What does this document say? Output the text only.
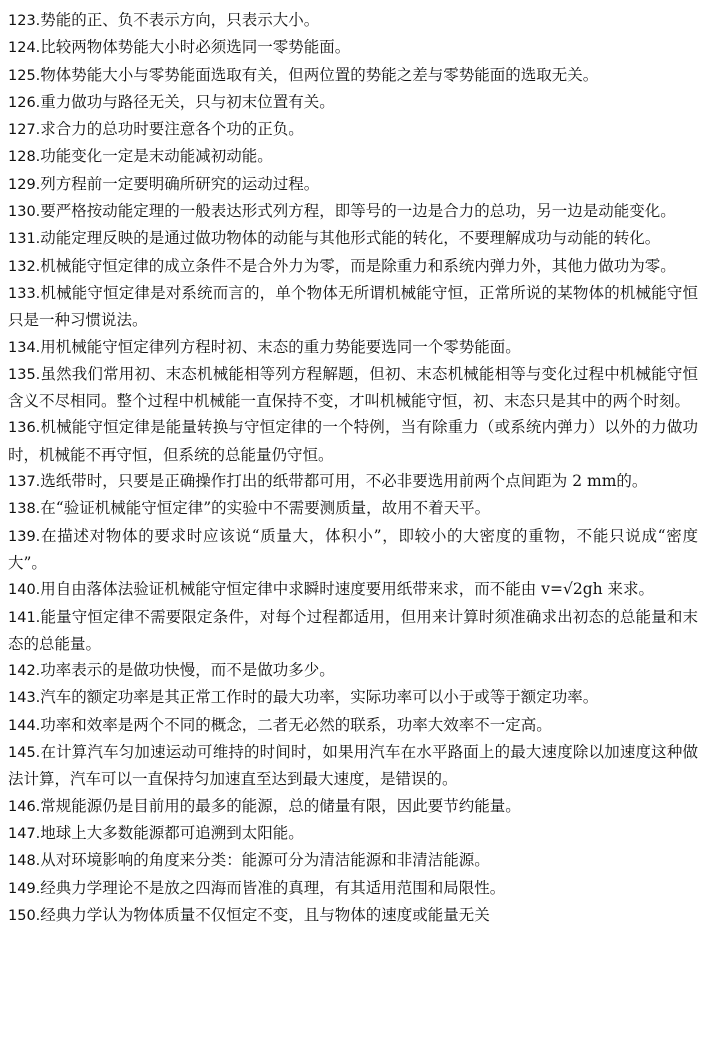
123.势能的正、负不表示方向，只表示大小。

124.比较两物体势能大小时必须选同一零势能面。

125.物体势能大小与零势能面选取有关，但两位置的势能之差与零势能面的选取无关。

126.重力做功与路径无关，只与初末位置有关。

127.求合力的总功时要注意各个功的正负。

128.功能变化一定是末动能减初动能。

129.列方程前一定要明确所研究的运动过程。

130.要严格按动能定理的一般表达形式列方程，即等号的一边是合力的总功，另一边是动能变化。

131.动能定理反映的是通过做功物体的动能与其他形式能的转化，不要理解成功与动能的转化。

132.机械能守恒定律的成立条件不是合外力为零，而是除重力和系统内弹力外，其他力做功为零。

133.机械能守恒定律是对系统而言的，单个物体无所谓机械能守恒，正常所说的某物体的机械能守恒只是一种习惯说法。

134.用机械能守恒定律列方程时初、末态的重力势能要选同一个零势能面。

135.虽然我们常用初、末态机械能相等列方程解题，但初、末态机械能相等与变化过程中机械能守恒含义不尽相同。整个过程中机械能一直保持不变，才叫机械能守恒，初、末态只是其中的两个时刻。

136.机械能守恒定律是能量转换与守恒定律的一个特例，当有除重力（或系统内弹力）以外的力做功时，机械能不再守恒，但系统的总能量仍守恒。

137.选纸带时，只要是正确操作打出的纸带都可用，不必非要选用前两个点间距为 2 mm的。

138.在“验证机械能守恒定律”的实验中不需要测质量，故用不着天平。

139.在描述对物体的要求时应该说“质量大，体积小”，即较小的大密度的重物，不能只说成“密度大”。

140.用自由落体法验证机械能守恒定律中求瞬时速度要用纸带来求，而不能由 v=√2gh 来求。

141.能量守恒定律不需要限定条件，对每个过程都适用，但用来计算时须准确求出初态的总能量和末态的总能量。

142.功率表示的是做功快慢，而不是做功多少。

143.汽车的额定功率是其正常工作时的最大功率，实际功率可以小于或等于额定功率。

144.功率和效率是两个不同的概念，二者无必然的联系，功率大效率不一定高。

145.在计算汽车匀加速运动可维持的时间时，如果用汽车在水平路面上的最大速度除以加速度这种做法计算，汽车可以一直保持匀加速直至达到最大速度，是错误的。

146.常规能源仍是目前用的最多的能源，总的储量有限，因此要节约能量。

147.地球上大多数能源都可追溯到太阳能。

148.从对环境影响的角度来分类：能源可分为清洁能源和非清洁能源。

149.经典力学理论不是放之四海而皆准的真理，有其适用范围和局限性。

150.经典力学认为物体质量不仅恒定不变，且与物体的速度或能量无关
